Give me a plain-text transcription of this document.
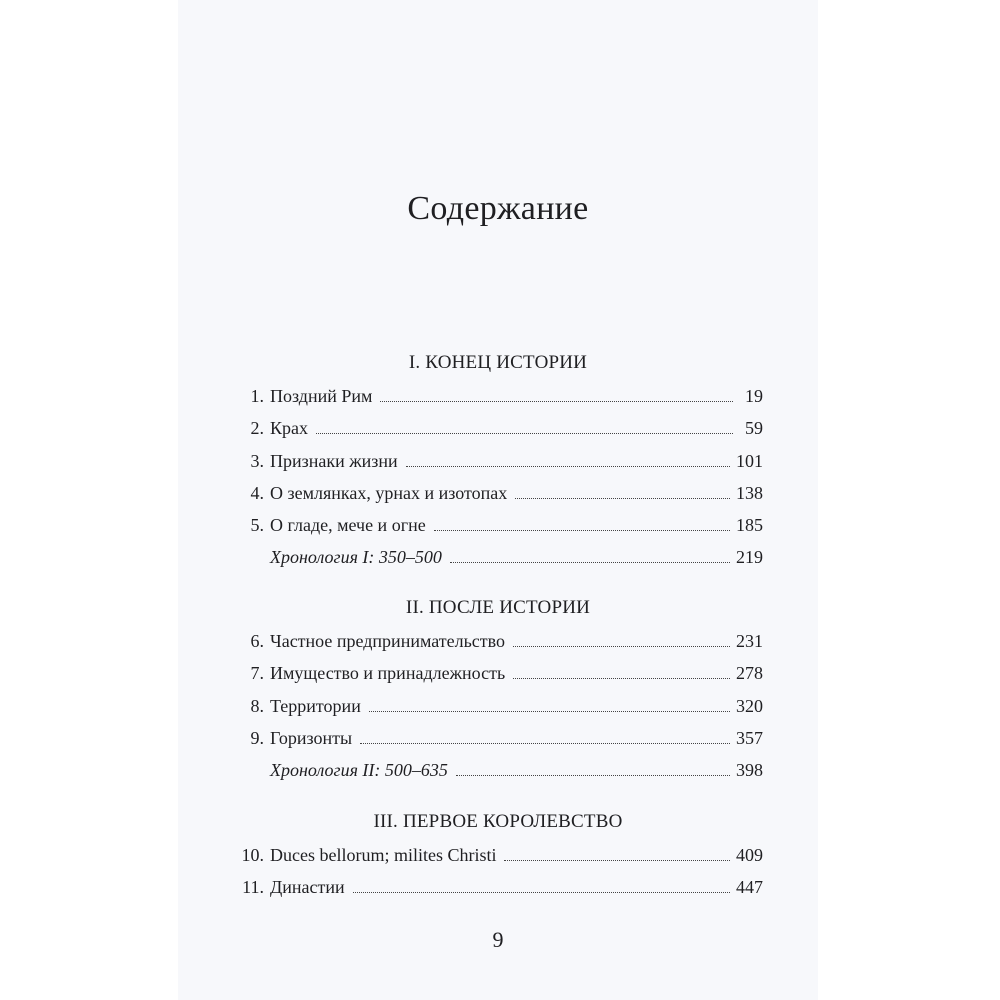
Содержание
I. КОНЕЦ ИСТОРИИ
1. Поздний Рим	19
2. Крах	59
3. Признаки жизни	101
4. О землянках, урнах и изотопах	138
5. О гладе, мече и огне	185
Хронология I: 350–500	219
II. ПОСЛЕ ИСТОРИИ
6. Частное предпринимательство	231
7. Имущество и принадлежность	278
8. Территории	320
9. Горизонты	357
Хронология II: 500–635	398
III. ПЕРВОЕ КОРОЛЕВСТВО
10. Duces bellorum; milites Christi	409
11. Династии	447
9
